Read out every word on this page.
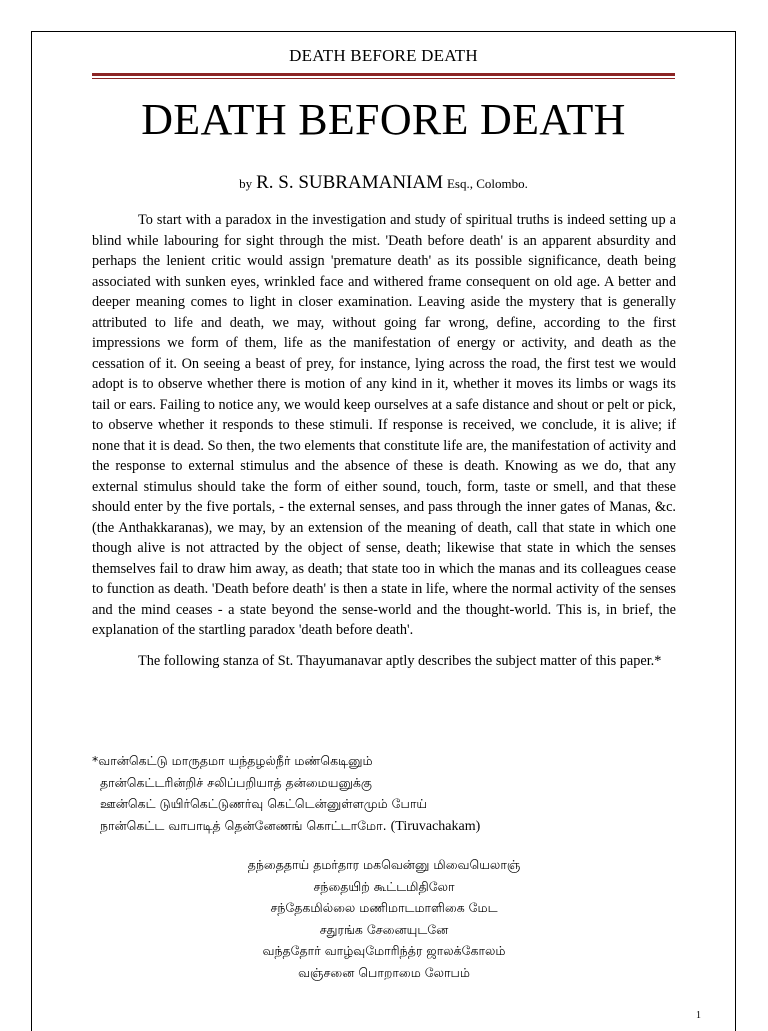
DEATH BEFORE DEATH
DEATH BEFORE DEATH
by R. S. SUBRAMANIAM Esq., Colombo.

To start with a paradox in the investigation and study of spiritual truths is indeed setting up a blind while labouring for sight through the mist. 'Death before death' is an apparent absurdity and perhaps the lenient critic would assign 'premature death' as its possible significance, death being associated with sunken eyes, wrinkled face and withered frame consequent on old age. A better and deeper meaning comes to light in closer examination. Leaving aside the mystery that is generally attributed to life and death, we may, without going far wrong, define, according to the first impressions we form of them, life as the manifestation of energy or activity, and death as the cessation of it. On seeing a beast of prey, for instance, lying across the road, the first test we would adopt is to observe whether there is motion of any kind in it, whether it moves its limbs or wags its tail or ears. Failing to notice any, we would keep ourselves at a safe distance and shout or pelt or pick, to observe whether it responds to these stimuli. If response is received, we conclude, it is alive; if none that it is dead. So then, the two elements that constitute life are, the manifestation of activity and the response to external stimulus and the absence of these is death. Knowing as we do, that any external stimulus should take the form of either sound, touch, form, taste or smell, and that these should enter by the five portals, - the external senses, and pass through the inner gates of Manas, &c. (the Anthakkaranas), we may, by an extension of the meaning of death, call that state in which one though alive is not attracted by the object of sense, death; likewise that state in which the senses themselves fail to draw him away, as death; that state too in which the manas and its colleagues cease to function as death. 'Death before death' is then a state in life, where the normal activity of the senses and the mind ceases - a state beyond the sense-world and the thought-world. This is, in brief, the explanation of the startling paradox 'death before death'.

The following stanza of St. Thayumanavar aptly describes the subject matter of this paper.*

*வான்கெட்டு மாருதமா யந்தழல்நீர் மண்கெடினும்
தான்கெட்டரின்றிச் சலிப்பறியாத் தன்மையனுக்கு
ஊன்கெட் டுயிர்கெட்டுணர்வு கெட்டென்னுள்ளமும் போய்
நான்கெட்ட வாபாடித் தென்னேணங் கொட்டாமோ. (Tiruvachakam)
தந்தைதாய் தமர்தார மகவென்னு மிவையெலாஞ்
சந்தையிற் கூட்டமிதிலோ
சந்தேகமில்லை மணிமாடமாளிகை மேட
சதுரங்க சேனையுடனே
வந்ததோர் வாழ்வுமோரிந்த்ர ஜாலக்கோலம்
வஞ்சனை பொறாமை லோபம்
1
